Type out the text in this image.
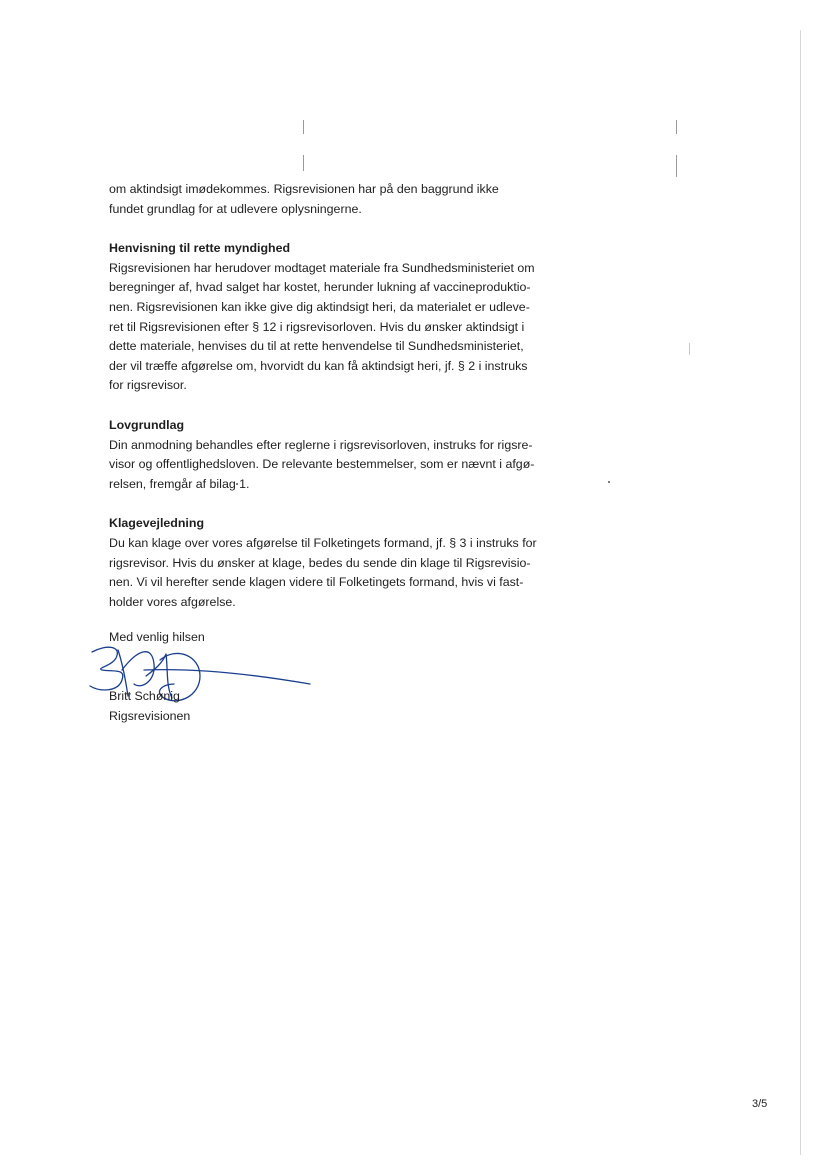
om aktindsigt imødekommes. Rigsrevisionen har på den baggrund ikke
fundet grundlag for at udlevere oplysningerne.

Henvisning til rette myndighed

Rigsrevisionen har herudover modtaget materiale fra Sundhedsministeriet om
beregninger af, hvad salget har kostet, herunder lukning af vaccineproduktio-
nen. Rigsrevisionen kan ikke give dig aktindsigt heri, da materialet er udleve-
ret til Rigsrevisionen efter § 12 i rigsrevisorloven. Hvis du ønsker aktindsigt i
dette materiale, henvises du til at rette henvendelse til Sundhedsministeriet,
der vil træffe afgørelse om, hvorvidt du kan få aktindsigt heri, jf. § 2 i instruks
for rigsrevisor.

Lovgrundlag

Din anmodning behandles efter reglerne i rigsrevisorloven, instruks for rigsre-
visor og offentlighedsloven. De relevante bestemmelser, som er nævnt i afgø-
relsen, fremgår af bilag 1.

Klagevejledning

Du kan klage over vores afgørelse til Folketingets formand, jf. § 3 i instruks for
rigsrevisor. Hvis du ønsker at klage, bedes du sende din klage til Rigsrevisio-
nen. Vi vil herefter sende klagen videre til Folketingets formand, hvis vi fast-
holder vores afgørelse.
Med venlig hilsen
Britt Schønig
Rigsrevisionen
3/5
